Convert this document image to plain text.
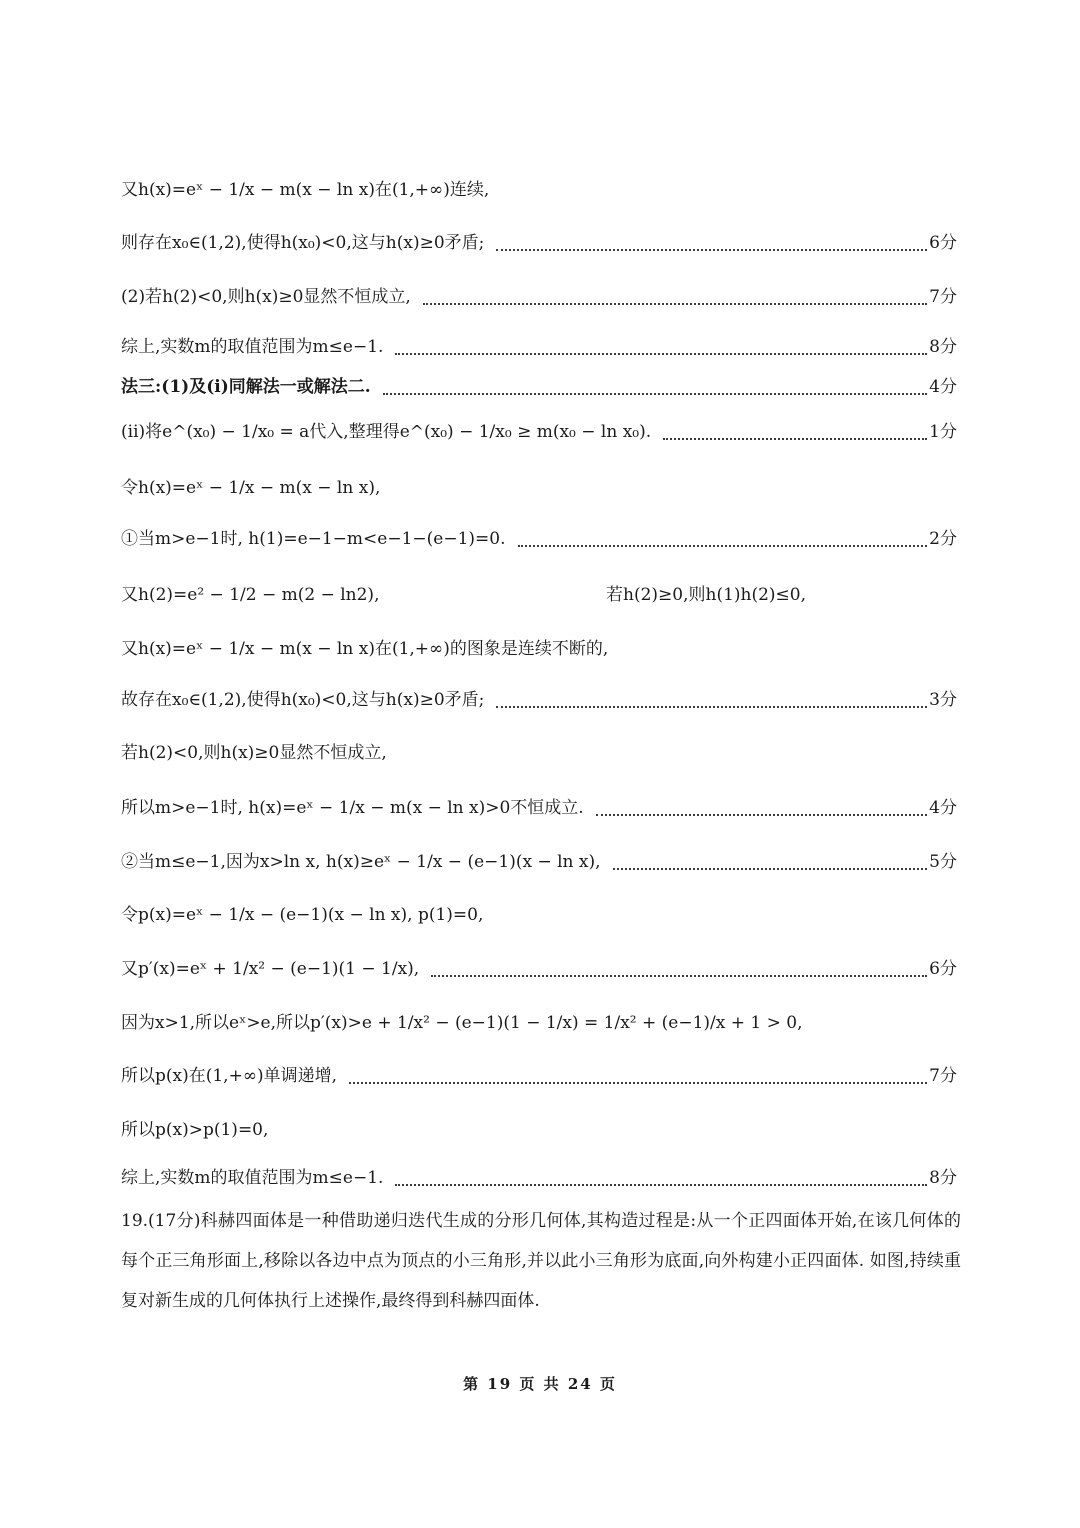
又h(x)=eˣ − 1/x − m(x − ln x)在(1,+∞)连续,
则存在x₀∈(1,2),使得h(x₀)<0,这与h(x)≥0矛盾;	6分
(2)若h(2)<0,则h(x)≥0显然不恒成立,	7分
综上,实数m的取值范围为m≤e−1.	8分
法三:(1)及(i)同解法一或解法二.	4分
(ii)将e^(x₀) − 1/x₀ = a代入,整理得e^(x₀) − 1/x₀ ≥ m(x₀ − ln x₀).	1分
令h(x)=eˣ − 1/x − m(x − ln x),
①当m>e−1时, h(1)=e−1−m<e−1−(e−1)=0.	2分
又h(2)=e² − 1/2 − m(2 − ln2),	若h(2)≥0,则h(1)h(2)≤0,
又h(x)=eˣ − 1/x − m(x − ln x)在(1,+∞)的图象是连续不断的,
故存在x₀∈(1,2),使得h(x₀)<0,这与h(x)≥0矛盾;	3分
若h(2)<0,则h(x)≥0显然不恒成立,
所以m>e−1时, h(x)=eˣ − 1/x − m(x − ln x)>0不恒成立.	4分
②当m≤e−1,因为x>ln x, h(x)≥eˣ − 1/x − (e−1)(x − ln x),	5分
令p(x)=eˣ − 1/x − (e−1)(x − ln x), p(1)=0,
又p′(x)=eˣ + 1/x² − (e−1)(1 − 1/x),	6分
因为x>1,所以eˣ>e,所以p′(x)>e + 1/x² − (e−1)(1 − 1/x) = 1/x² + (e−1)/x + 1 > 0,
所以p(x)在(1,+∞)单调递增,	7分
所以p(x)>p(1)=0,
综上,实数m的取值范围为m≤e−1.	8分
19.(17分)科赫四面体是一种借助递归迭代生成的分形几何体,其构造过程是:从一个正四面体开始,在该几何体的每个正三角形面上,移除以各边中点为顶点的小三角形,并以此小三角形为底面,向外构建小正四面体. 如图,持续重复对新生成的几何体执行上述操作,最终得到科赫四面体.
第 19 页 共 24 页
